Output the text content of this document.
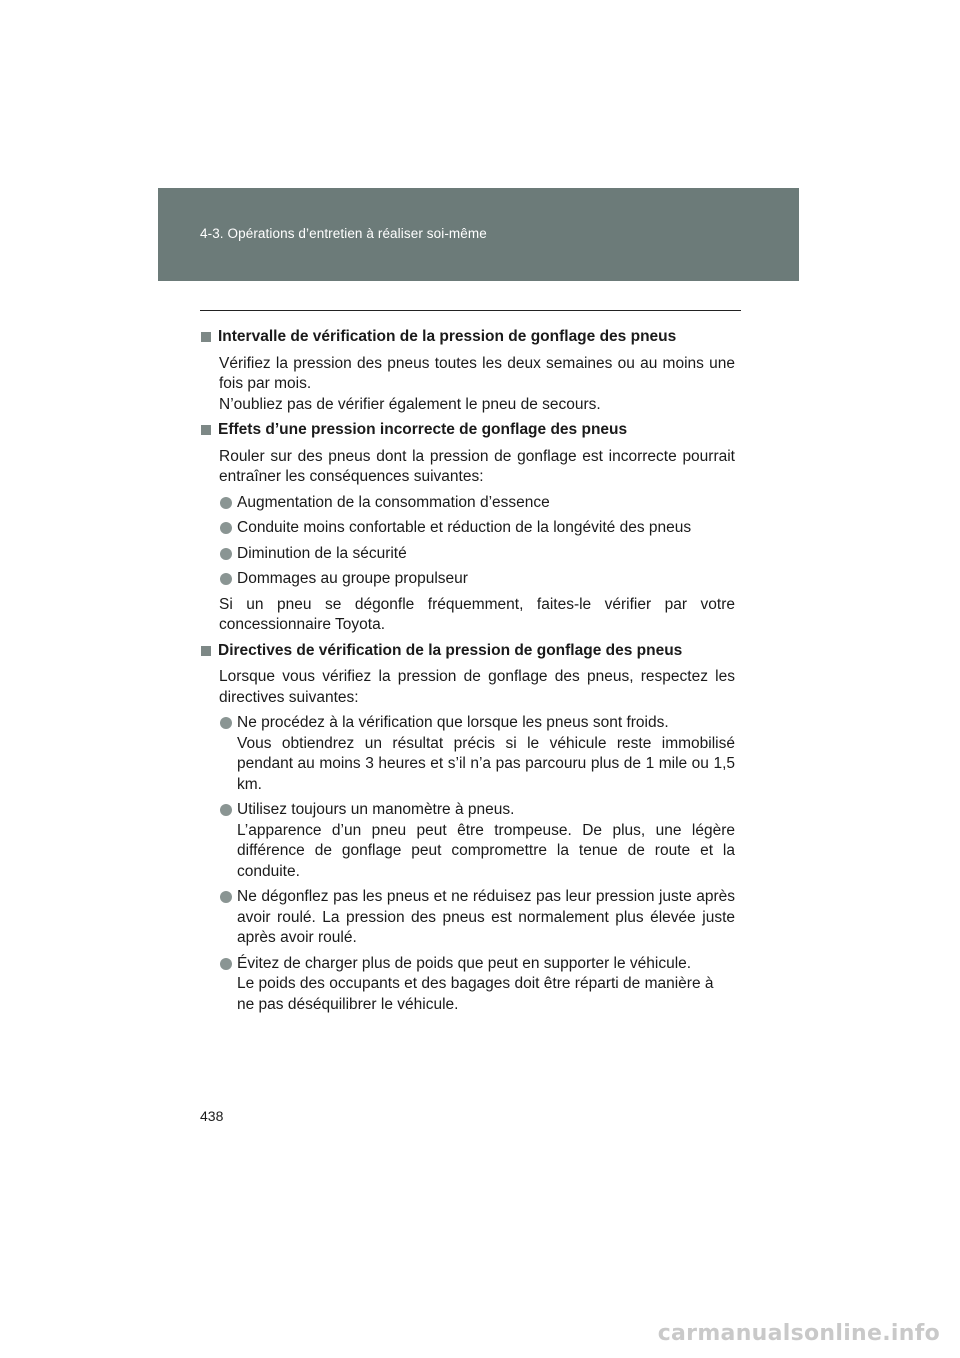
4-3. Opérations d’entretien à réaliser soi-même
Intervalle de vérification de la pression de gonflage des pneus

Vérifiez la pression des pneus toutes les deux semaines ou au moins une fois par mois.

N’oubliez pas de vérifier également le pneu de secours.

Effets d’une pression incorrecte de gonflage des pneus

Rouler sur des pneus dont la pression de gonflage est incorrecte pourrait entraîner les conséquences suivantes:

Augmentation de la consommation d’essence
Conduite moins confortable et réduction de la longévité des pneus
Diminution de la sécurité
Dommages au groupe propulseur

Si un pneu se dégonfle fréquemment, faites-le vérifier par votre concessionnaire Toyota.

Directives de vérification de la pression de gonflage des pneus

Lorsque vous vérifiez la pression de gonflage des pneus, respectez les directives suivantes:

Ne procédez à la vérification que lorsque les pneus sont froids.
Vous obtiendrez un résultat précis si le véhicule reste immobilisé pendant au moins 3 heures et s’il n’a pas parcouru plus de 1 mile ou 1,5 km.
Utilisez toujours un manomètre à pneus.
L’apparence d’un pneu peut être trompeuse. De plus, une légère différence de gonflage peut compromettre la tenue de route et la conduite.
Ne dégonflez pas les pneus et ne réduisez pas leur pression juste après avoir roulé. La pression des pneus est normalement plus élevée juste après avoir roulé.
Évitez de charger plus de poids que peut en supporter le véhicule.
Le poids des occupants et des bagages doit être réparti de manière à ne pas déséquilibrer le véhicule.
438
carmanualsonline.info
